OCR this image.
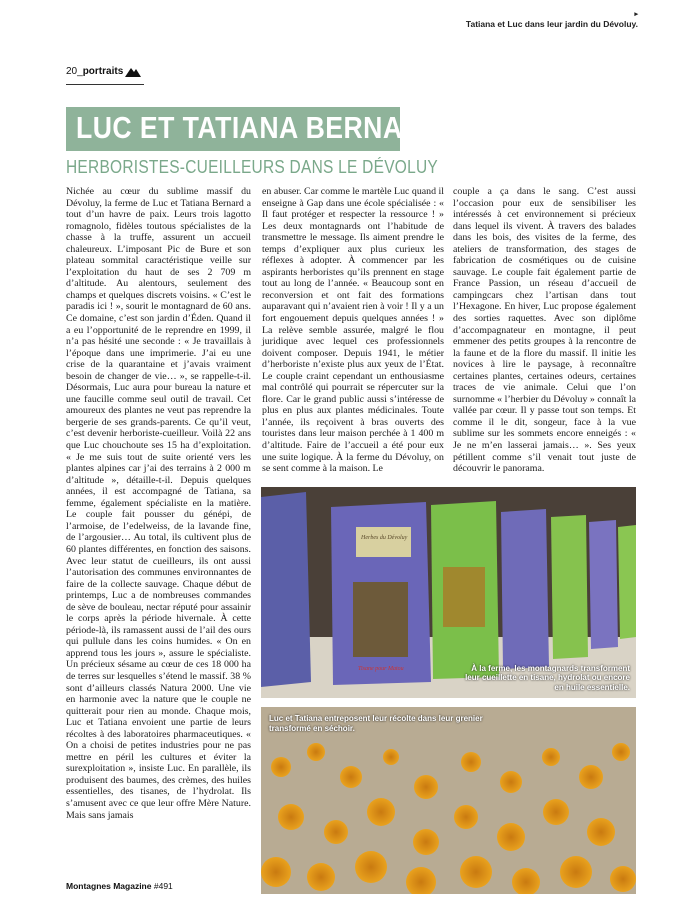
▸
Tatiana et Luc dans leur jardin du Dévoluy.
20_portraits
LUC ET TATIANA BERNARD
HERBORISTES-CUEILLEURS DANS LE DÉVOLUY

Nichée au cœur du sublime massif du Dévoluy, la ferme de Luc et Tatiana Bernard a tout d’un havre de paix. Leurs trois lagotto romagnolo, fidèles toutous spécialistes de la chasse à la truffe, assurent un accueil chaleureux. L’imposant Pic de Bure et son plateau sommital caractéristique veille sur l’exploitation du haut de ses 2 709 m d’altitude. Au alentours, seulement des champs et quelques discrets voisins. « C’est le paradis ici ! », sourit le montagnard de 60 ans. Ce domaine, c’est son jardin d’Éden. Quand il a eu l’opportunité de le reprendre en 1999, il n’a pas hésité une seconde : « Je travaillais à l’époque dans une imprimerie. J’ai eu une crise de la quarantaine et j’avais vraiment besoin de changer de vie… », se rappelle-t-il. Désormais, Luc aura pour bureau la nature et une faucille comme seul outil de travail. Cet amoureux des plantes ne veut pas reprendre la bergerie de ses grands-parents. Ce qu’il veut, c’est devenir herboriste-cueilleur. Voilà 22 ans que Luc chouchoute ses 15 ha d’exploitation. « Je me suis tout de suite orienté vers les plantes alpines car j’ai des terrains à 2 000 m d’altitude », détaille-t-il. Depuis quelques années, il est accompagné de Tatiana, sa femme, également spécialiste en la matière. Le couple fait pousser du génépi, de l’armoise, de l’edelweiss, de la lavande fine, de l’argousier… Au total, ils cultivent plus de 60 plantes différentes, en fonction des saisons. Avec leur statut de cueilleurs, ils ont aussi l’autorisation des communes environnantes de faire de la collecte sauvage. Chaque début de printemps, Luc a de nombreuses commandes de sève de bouleau, nectar réputé pour assainir le corps après la période hivernale. À cette période-là, ils ramassent aussi de l’ail des ours qui pullule dans les coins humides. « On en apprend tous les jours », assure le spécialiste. Un précieux sésame au cœur de ces 18 000 ha de terres sur lesquelles s’étend le massif. 38 % sont d’ailleurs classés Natura 2000. Une vie en harmonie avec la nature que le couple ne quitterait pour rien au monde. Chaque mois, Luc et Tatiana envoient une partie de leurs récoltes à des laboratoires pharmaceutiques. « On a choisi de petites industries pour ne pas mettre en péril les cultures et éviter la surexploitation », insiste Luc. En parallèle, ils produisent des baumes, des crèmes, des huiles essentielles, des tisanes, de l’hydrolat. Ils s’amusent avec ce que leur offre Mère Nature. Mais sans jamais

en abuser. Car comme le martèle Luc quand il enseigne à Gap dans une école spécialisée : « Il faut protéger et respecter la ressource ! » Les deux montagnards ont l’habitude de transmettre le message. Ils aiment prendre le temps d’expliquer aux plus curieux les réflexes à adopter. À commencer par les aspirants herboristes qu’ils prennent en stage tout au long de l’année. « Beaucoup sont en reconversion et ont fait des formations auparavant qui n’avaient rien à voir ! Il y a un fort engouement depuis quelques années ! » La relève semble assurée, malgré le flou juridique avec lequel ces professionnels doivent composer. Depuis 1941, le métier d’herboriste n’existe plus aux yeux de l’État. Le couple craint cependant un enthousiasme mal contrôlé qui pourrait se répercuter sur la flore. Car le grand public aussi s’intéresse de plus en plus aux plantes médicinales. Toute l’année, ils reçoivent à bras ouverts des touristes dans leur maison perchée à 1 400 m d’altitude. Faire de l’accueil a été pour eux une suite logique. À la ferme du Dévoluy, on se sent comme à la maison. Le

couple a ça dans le sang. C’est aussi l’occasion pour eux de sensibiliser les intéressés à cet environnement si précieux dans lequel ils vivent. À travers des balades dans les bois, des visites de la ferme, des ateliers de transformation, des stages de fabrication de cosmétiques ou de cuisine sauvage. Le couple fait également partie de France Passion, un réseau d’accueil de campingcars chez l’artisan dans tout l’Hexagone. En hiver, Luc propose également des sorties raquettes. Avec son diplôme d’accompagnateur en montagne, il peut emmener des petits groupes à la rencontre de la faune et de la flore du massif. Il initie les novices à lire le paysage, à reconnaître certaines plantes, certaines odeurs, certaines traces de vie animale. Celui que l’on surnomme « l’herbier du Dévoluy » connaît la vallée par cœur. Il y passe tout son temps. Et comme il le dit, songeur, face à la vue sublime sur les sommets encore enneigés : « Je ne m’en lasserai jamais… ». Ses yeux pétillent comme s’il venait tout juste de découvrir le panorama.

Tisane pour Matou
Herbes du Dévoluy
À la ferme, les montagnards transforment leur cueillette en tisane, hydrolat ou encore en huile essentielle.
Luc et Tatiana entreposent leur récolte dans leur grenier transformé en séchoir.
Montagnes Magazine #491
